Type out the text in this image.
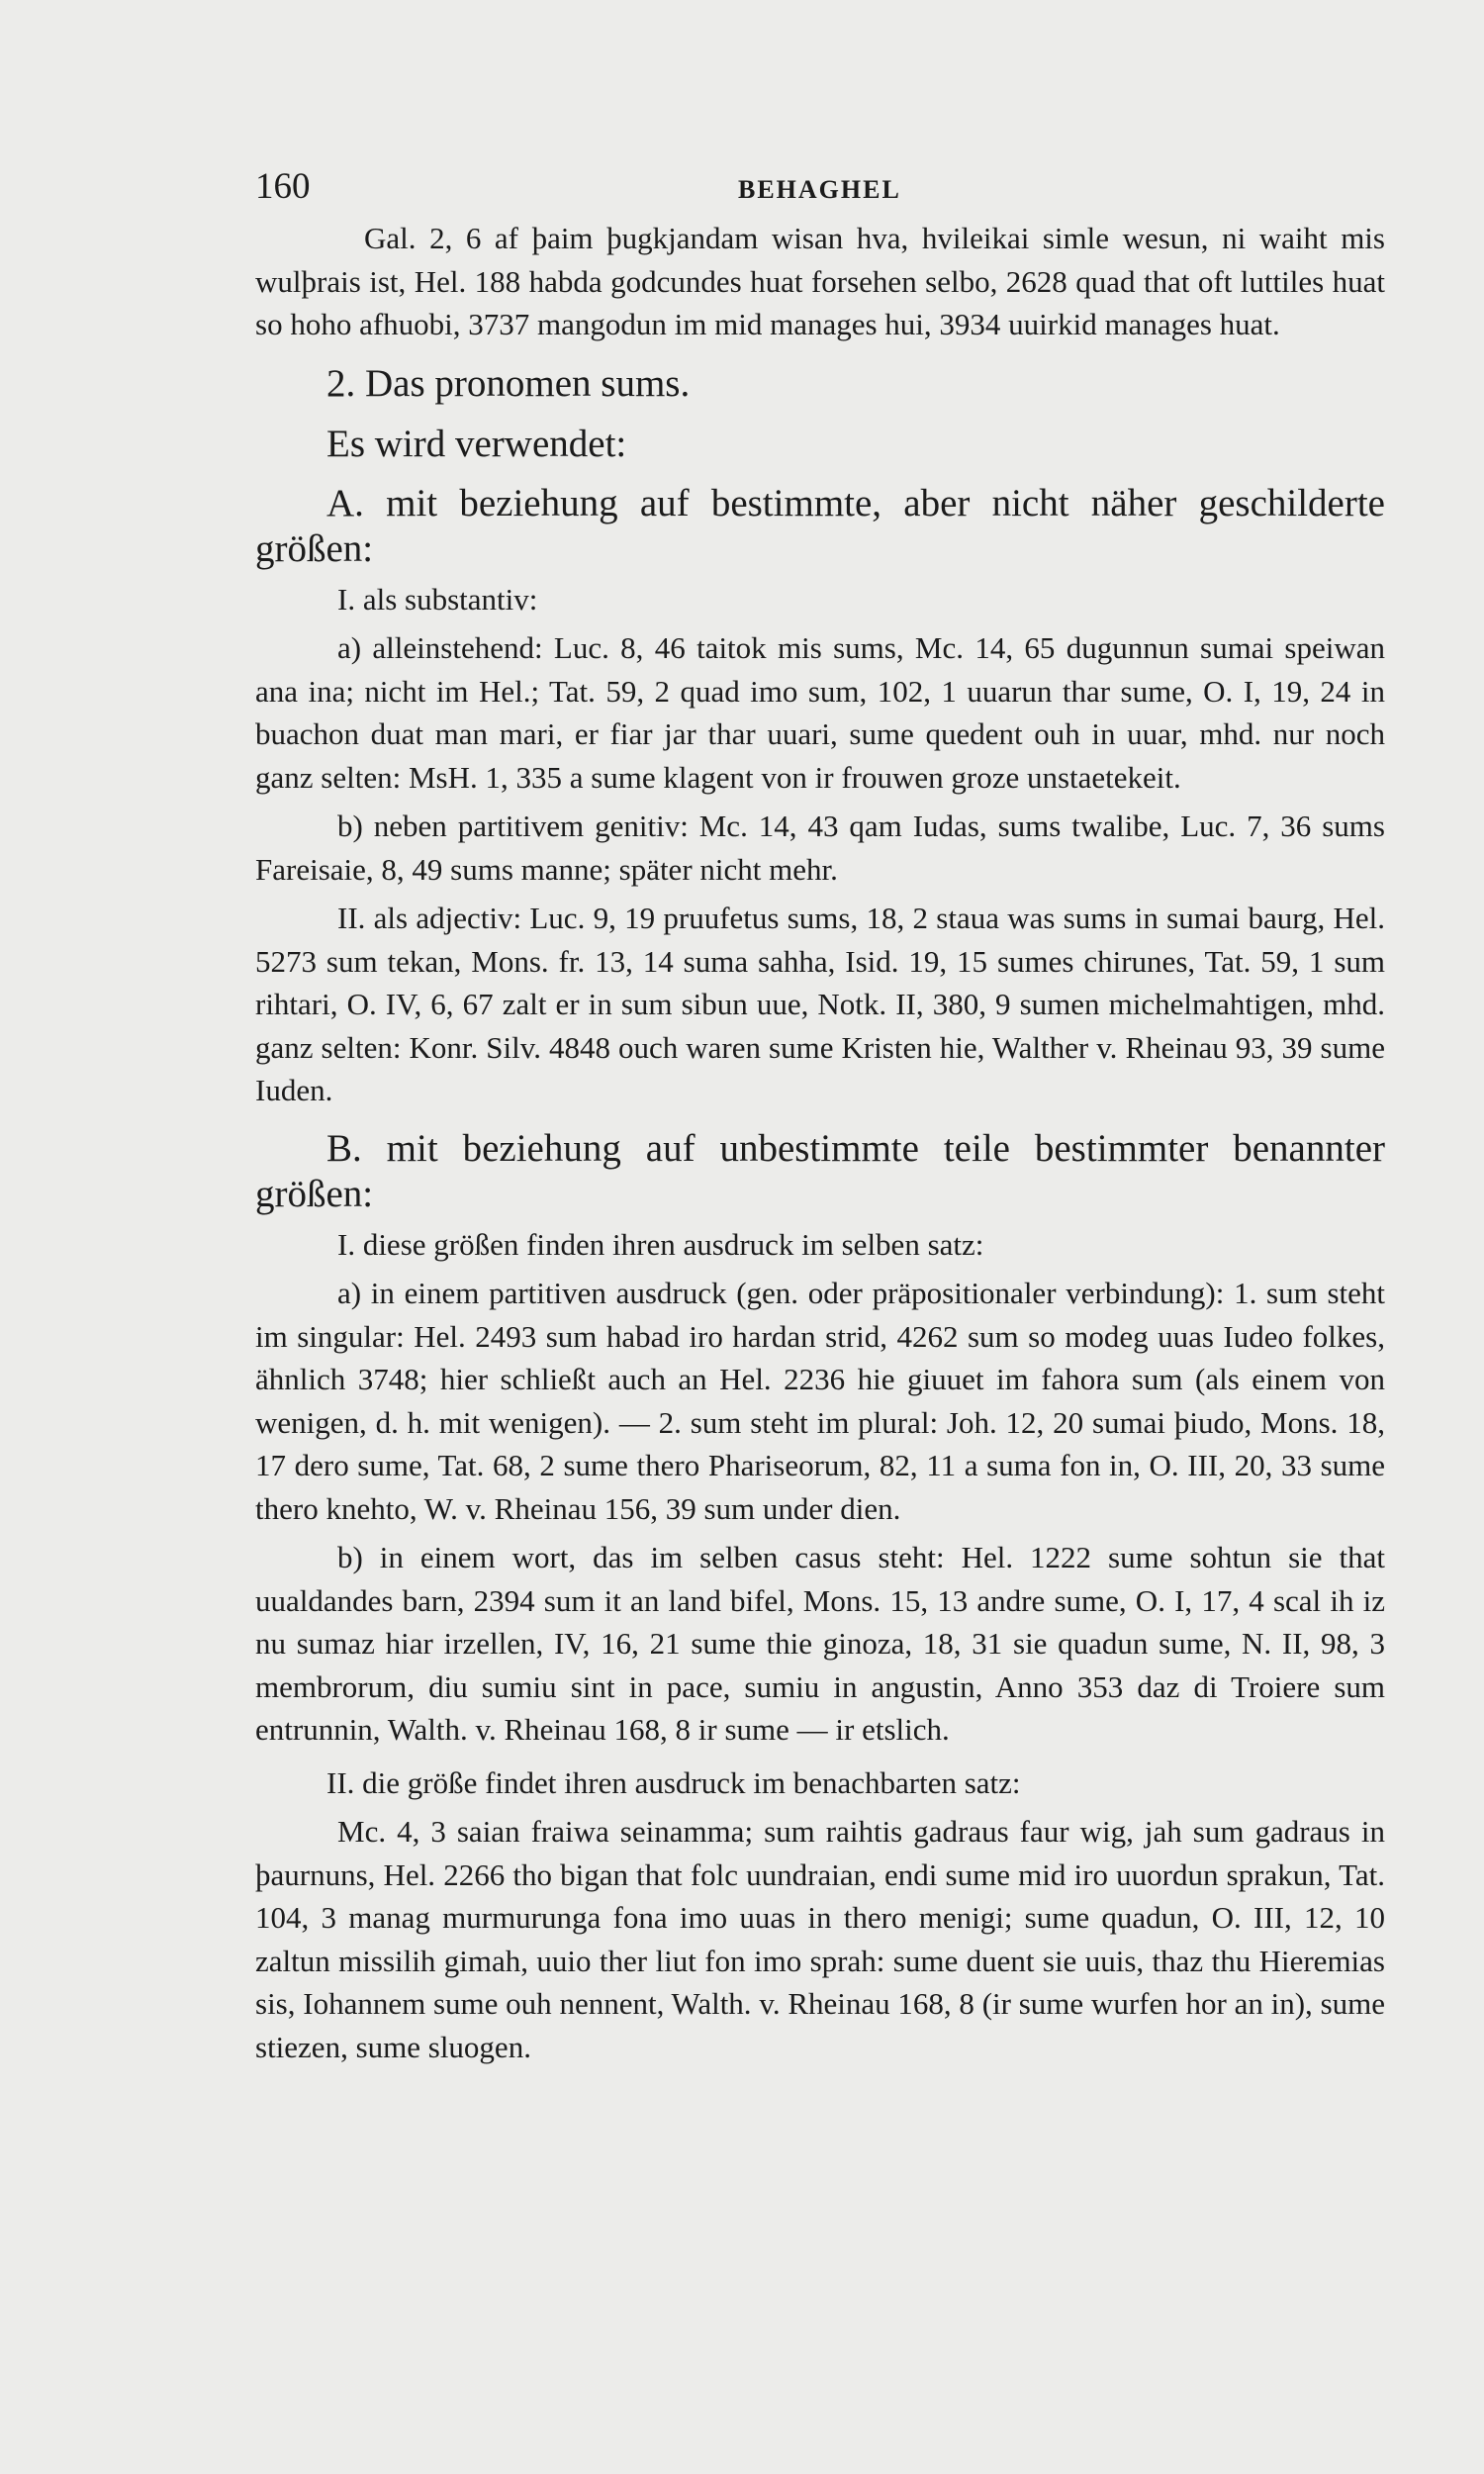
160	BEHAGHEL

Gal. 2, 6 af þaim þugkjandam wisan hva, hvileikai simle wesun, ni waiht mis wulþrais ist, Hel. 188 habda godcundes huat forsehen selbo, 2628 quad that oft luttiles huat so hoho afhuobi, 3737 mangodun im mid manages hui, 3934 uuirkid manages huat.

2. Das pronomen sums.

Es wird verwendet:

A. mit beziehung auf bestimmte, aber nicht näher geschilderte größen:

I. als substantiv:

a) alleinstehend: Luc. 8, 46 taitok mis sums, Mc. 14, 65 dugunnun sumai speiwan ana ina; nicht im Hel.; Tat. 59, 2 quad imo sum, 102, 1 uuarun thar sume, O. I, 19, 24 in buachon duat man mari, er fiar jar thar uuari, sume quedent ouh in uuar, mhd. nur noch ganz selten: MsH. 1, 335 a sume klagent von ir frouwen groze unstaetekeit.

b) neben partitivem genitiv: Mc. 14, 43 qam Iudas, sums twalibe, Luc. 7, 36 sums Fareisaie, 8, 49 sums manne; später nicht mehr.

II. als adjectiv: Luc. 9, 19 pruufetus sums, 18, 2 staua was sums in sumai baurg, Hel. 5273 sum tekan, Mons. fr. 13, 14 suma sahha, Isid. 19, 15 sumes chirunes, Tat. 59, 1 sum rihtari, O. IV, 6, 67 zalt er in sum sibun uue, Notk. II, 380, 9 sumen michelmahtigen, mhd. ganz selten: Konr. Silv. 4848 ouch waren sume Kristen hie, Walther v. Rheinau 93, 39 sume Iuden.

B. mit beziehung auf unbestimmte teile bestimmter benannter größen:

I. diese größen finden ihren ausdruck im selben satz:

a) in einem partitiven ausdruck (gen. oder präpositionaler verbindung): 1. sum steht im singular: Hel. 2493 sum habad iro hardan strid, 4262 sum so modeg uuas Iudeo folkes, ähnlich 3748; hier schließt auch an Hel. 2236 hie giuuet im fahora sum (als einem von wenigen, d. h. mit wenigen). — 2. sum steht im plural: Joh. 12, 20 sumai þiudo, Mons. 18, 17 dero sume, Tat. 68, 2 sume thero Phariseorum, 82, 11 a suma fon in, O. III, 20, 33 sume thero knehto, W. v. Rheinau 156, 39 sum under dien.

b) in einem wort, das im selben casus steht: Hel. 1222 sume sohtun sie that uualdandes barn, 2394 sum it an land bifel, Mons. 15, 13 andre sume, O. I, 17, 4 scal ih iz nu sumaz hiar irzellen, IV, 16, 21 sume thie ginoza, 18, 31 sie quadun sume, N. II, 98, 3 membrorum, diu sumiu sint in pace, sumiu in angustin, Anno 353 daz di Troiere sum entrunnin, Walth. v. Rheinau 168, 8 ir sume — ir etslich.

II. die größe findet ihren ausdruck im benachbarten satz:

Mc. 4, 3 saian fraiwa seinamma; sum raihtis gadraus faur wig, jah sum gadraus in þaurnuns, Hel. 2266 tho bigan that folc uundraian, endi sume mid iro uuordun sprakun, Tat. 104, 3 manag murmurunga fona imo uuas in thero menigi; sume quadun, O. III, 12, 10 zaltun missilih gimah, uuio ther liut fon imo sprah: sume duent sie uuis, thaz thu Hieremias sis, Iohannem sume ouh nennent, Walth. v. Rheinau 168, 8 (ir sume wurfen hor an in), sume stiezen, sume sluogen.
